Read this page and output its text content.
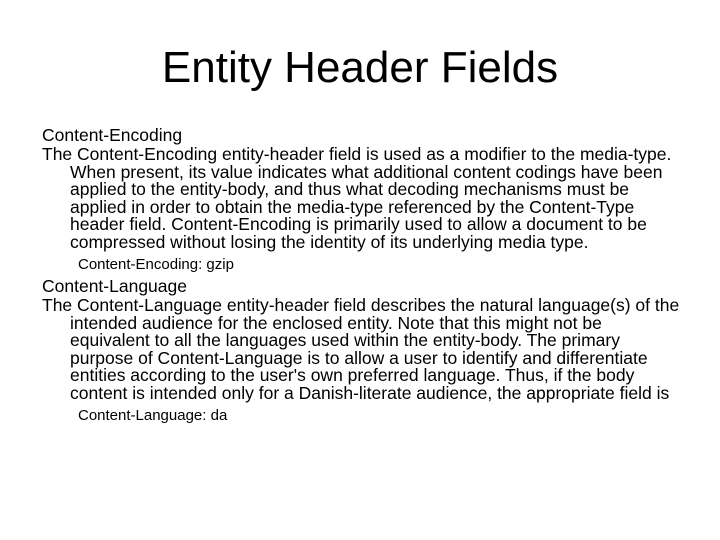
Entity Header Fields
Content-Encoding
The Content-Encoding entity-header field is used as a modifier to the media-type. When present, its value indicates what additional content codings have been applied to the entity-body, and thus what decoding mechanisms must be applied in order to obtain the media-type referenced by the Content-Type header field. Content-Encoding is primarily used to allow a document to be compressed without losing the identity of its underlying media type.
Content-Encoding: gzip
Content-Language
The Content-Language entity-header field describes the natural language(s) of the intended audience for the enclosed entity. Note that this might not be equivalent to all the languages used within the entity-body. The primary purpose of Content-Language is to allow a user to identify and differentiate entities according to the user's own preferred language. Thus, if the body content is intended only for a Danish-literate audience, the appropriate field is
Content-Language: da
